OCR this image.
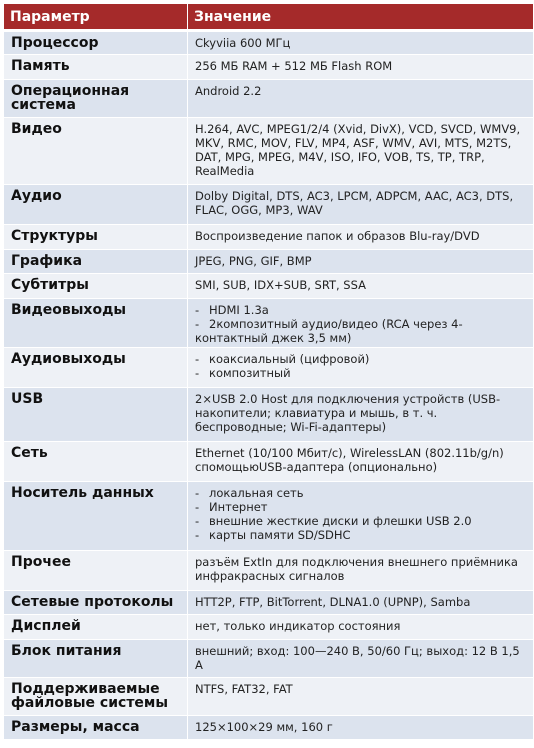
Параметр	Значение
Процессор	Ckyviia 600 МГц
Память	256 МБ RAM + 512 МБ Flash ROM
Операционная система	Android 2.2
Видео	H.264, AVC, MPEG1/2/4 (Xvid, DivX), VCD, SVCD, WMV9, MKV, RMC, MOV, FLV, MP4, ASF, WMV, AVI, MTS, M2TS, DAT, MPG, MPEG, M4V, ISO, IFO, VOB, TS, TP, TRP, RealMedia
Аудио	Dolby Digital, DTS, AC3, LPCM, ADPCM, AAC, AC3, DTS, FLAC, OGG, MP3, WAV
Структуры	Воспроизведение папок и образов Blu-ray/DVD
Графика	JPEG, PNG, GIF, BMP
Субтитры	SMI, SUB, IDX+SUB, SRT, SSA
Видеовыходы	- HDMI 1.3a
- 2композитный аудио/видео (RCA через 4-контактный джек 3,5 мм)

Аудиовыходы	- коаксиальный (цифровой)
- композитный

USB	2×USB 2.0 Host для подключения устройств (USB-накопители; клавиатура и мышь, в т. ч. беспроводные; Wi-Fi-адаптеры)
Сеть	Ethernet (10/100 Мбит/с), WirelessLAN (802.11b/g/n) спомощьюUSB-адаптера (опционально)
Носитель данных	- локальная сеть
- Интернет
- внешние жесткие диски и флешки USB 2.0
- карты памяти SD/SDHC

Прочее	разъём ExtIn для подключения внешнего приёмника инфракрасных сигналов
Сетевые протоколы	HTT2P, FTP, BitTorrent, DLNA1.0 (UPNP), Samba
Дисплей	нет, только индикатор состояния
Блок питания	внешний; вход: 100—240 В, 50/60 Гц; выход: 12 В 1,5 А
Поддерживаемые файловые системы	NTFS, FAT32, FAT
Размеры, масса	125×100×29 мм, 160 г
